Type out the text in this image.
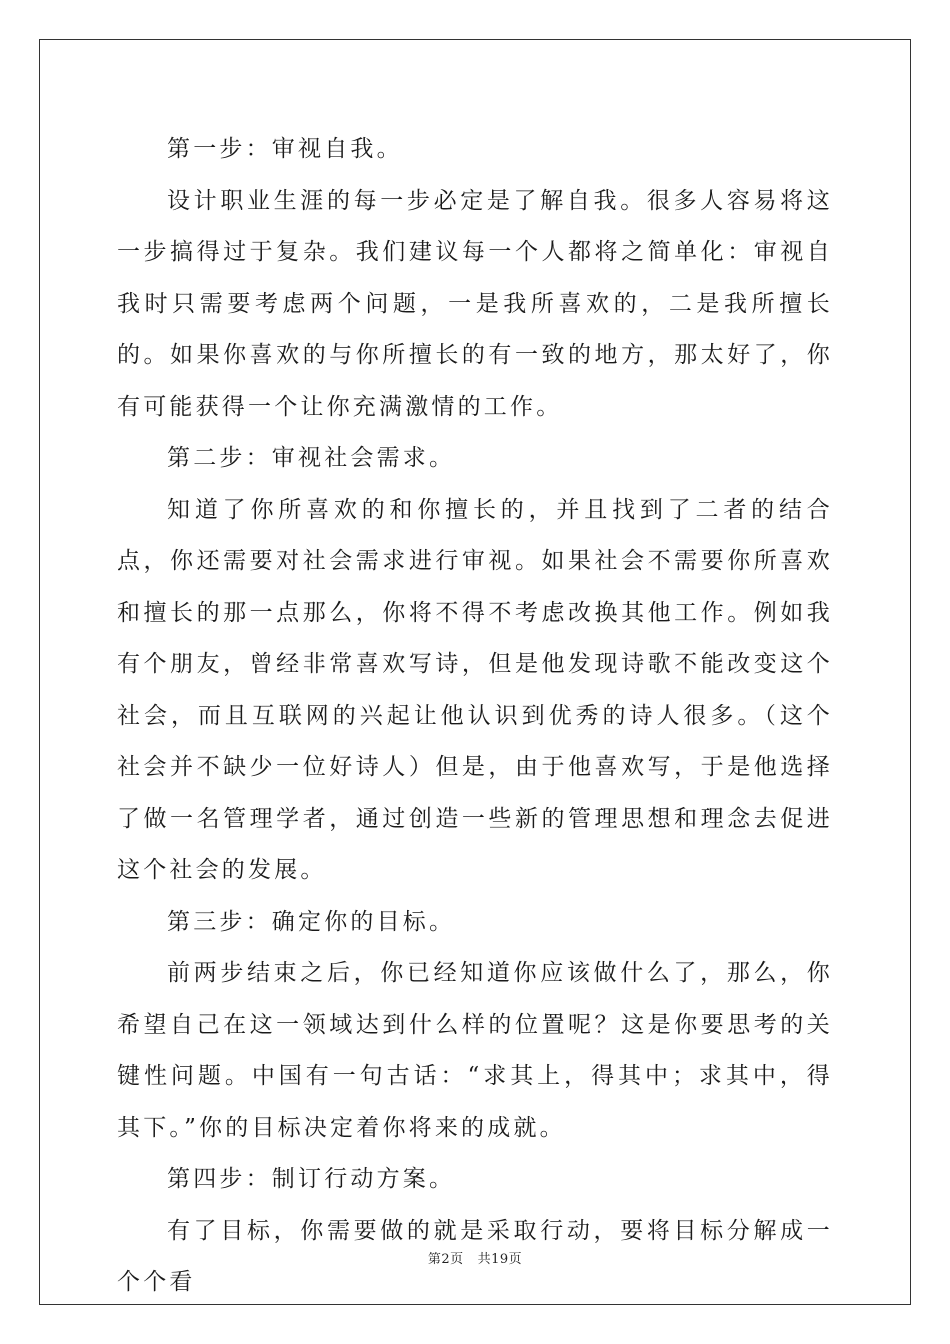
第一步：审视自我。

设计职业生涯的每一步必定是了解自我。很多人容易将这一步搞得过于复杂。我们建议每一个人都将之简单化：审视自我时只需要考虑两个问题，一是我所喜欢的，二是我所擅长的。如果你喜欢的与你所擅长的有一致的地方，那太好了，你有可能获得一个让你充满激情的工作。

第二步：审视社会需求。

知道了你所喜欢的和你擅长的，并且找到了二者的结合点，你还需要对社会需求进行审视。如果社会不需要你所喜欢和擅长的那一点那么，你将不得不考虑改换其他工作。例如我有个朋友，曾经非常喜欢写诗，但是他发现诗歌不能改变这个社会，而且互联网的兴起让他认识到优秀的诗人很多。（这个社会并不缺少一位好诗人）但是，由于他喜欢写，于是他选择了做一名管理学者，通过创造一些新的管理思想和理念去促进这个社会的发展。

第三步：确定你的目标。

前两步结束之后，你已经知道你应该做什么了，那么，你希望自己在这一领域达到什么样的位置呢？这是你要思考的关键性问题。中国有一句古话：“求其上，得其中；求其中，得其下。”你的目标决定着你将来的成就。

第四步：制订行动方案。

有了目标，你需要做的就是采取行动，要将目标分解成一个个看

第2页 共19页
